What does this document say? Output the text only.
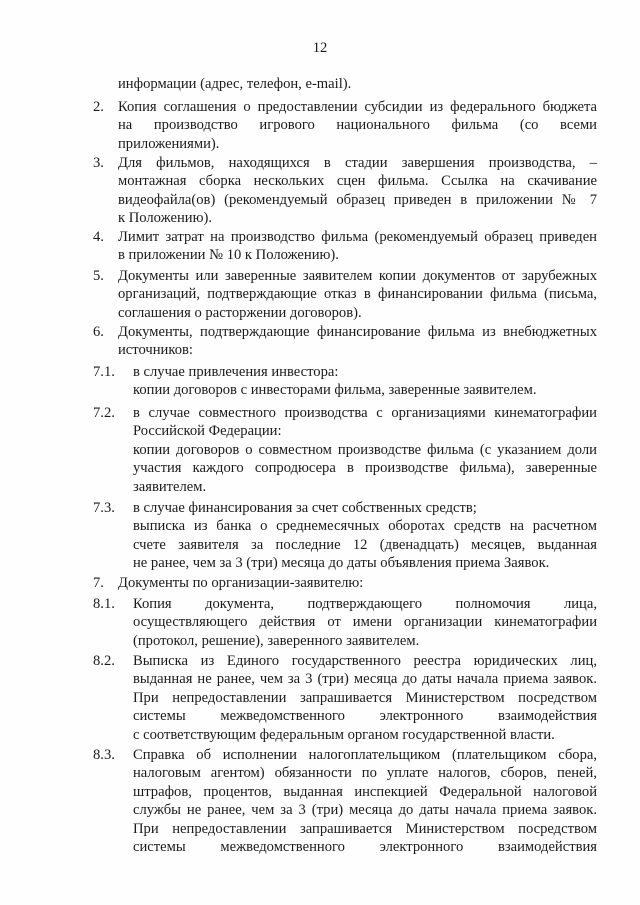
12
информации (адрес, телефон, e-mail).
2. Копия соглашения о предоставлении субсидии из федерального бюджета
на производство игрового национального фильма (со всеми
приложениями).
3. Для фильмов, находящихся в стадии завершения производства, –
монтажная сборка нескольких сцен фильма. Ссылка на скачивание
видеофайла(ов) (рекомендуемый образец приведен в приложении № 7
к Положению).
4. Лимит затрат на производство фильма (рекомендуемый образец приведен
в приложении № 10 к Положению).
5. Документы или заверенные заявителем копии документов от зарубежных
организаций, подтверждающие отказ в финансировании фильма (письма,
соглашения о расторжении договоров).
6. Документы, подтверждающие финансирование фильма из внебюджетных
источников:
7.1. в случае привлечения инвестора:
копии договоров с инвесторами фильма, заверенные заявителем.
7.2. в случае совместного производства с организациями кинематографии
Российской Федерации:
копии договоров о совместном производстве фильма (с указанием доли
участия каждого сопродюсера в производстве фильма), заверенные
заявителем.
7.3. в случае финансирования за счет собственных средств;
выписка из банка о среднемесячных оборотах средств на расчетном
счете заявителя за последние 12 (двенадцать) месяцев, выданная
не ранее, чем за 3 (три) месяца до даты объявления приема Заявок.
7. Документы по организации-заявителю:
8.1. Копия документа, подтверждающего полномочия лица,
осуществляющего действия от имени организации кинематографии
(протокол, решение), заверенного заявителем.
8.2. Выписка из Единого государственного реестра юридических лиц,
выданная не ранее, чем за 3 (три) месяца до даты начала приема заявок.
При непредоставлении запрашивается Министерством посредством
системы межведомственного электронного взаимодействия
с соответствующим федеральным органом государственной власти.
8.3. Справка об исполнении налогоплательщиком (плательщиком сбора,
налоговым агентом) обязанности по уплате налогов, сборов, пеней,
штрафов, процентов, выданная инспекцией Федеральной налоговой
службы не ранее, чем за 3 (три) месяца до даты начала приема заявок.
При непредоставлении запрашивается Министерством посредством
системы межведомственного электронного взаимодействия
